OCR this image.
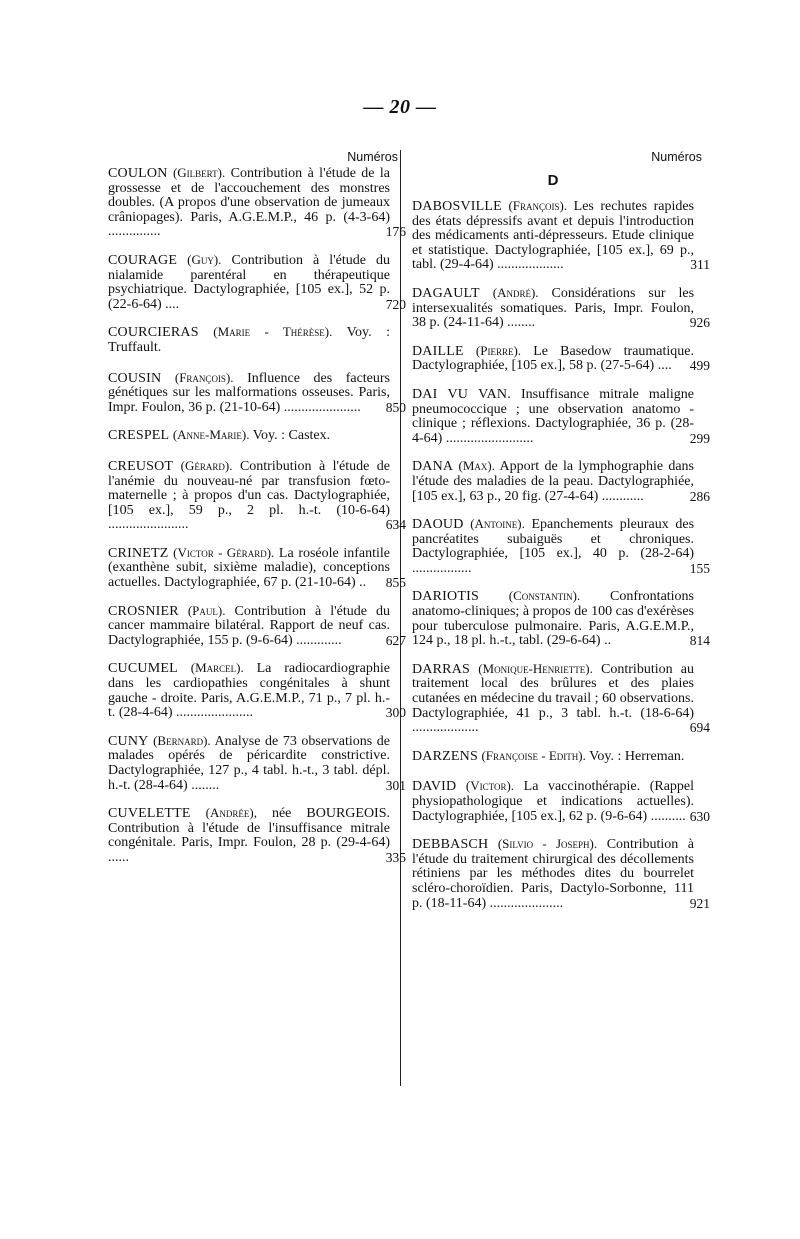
— 20 —
Numéros
COULON (Gilbert). Contribution à l'étude de la grossesse et de l'accouchement des monstres doubles. (A propos d'une observation de jumeaux crâniopages). Paris, A.G.E.M.P., 46 p. (4-3-64) ...............	176
COURAGE (Guy). Contribution à l'étude du nialamide parentéral en thérapeutique psychiatrique. Dactylographiée, [105 ex.], 52 p. (22-6-64) ....	720
COURCIERAS (Marie - Thérèse). Voy. : Truffault.
COUSIN (François). Influence des facteurs génétiques sur les malformations osseuses. Paris, Impr. Foulon, 36 p. (21-10-64) ......................	850
CRESPEL (Anne-Marie). Voy. : Castex.
CREUSOT (Gérard). Contribution à l'étude de l'anémie du nouveau-né par transfusion fœto-maternelle ; à propos d'un cas. Dactylographiée, [105 ex.], 59 p., 2 pl. h.-t. (10-6-64) .......................	634
CRINETZ (Victor - Gérard). La roséole infantile (exanthène subit, sixième maladie), conceptions actuelles. Dactylographiée, 67 p. (21-10-64) ..	855
CROSNIER (Paul). Contribution à l'étude du cancer mammaire bilatéral. Rapport de neuf cas. Dactylographiée, 155 p. (9-6-64) .............	627
CUCUMEL (Marcel). La radiocardiographie dans les cardiopathies congénitales à shunt gauche - droite. Paris, A.G.E.M.P., 71 p., 7 pl. h.-t. (28-4-64) ......................	300
CUNY (Bernard). Analyse de 73 observations de malades opérés de péricardite constrictive. Dactylographiée, 127 p., 4 tabl. h.-t., 3 tabl. dépl. h.-t. (28-4-64) ........	301
CUVELETTE (Andrée), née BOURGEOIS. Contribution à l'étude de l'insuffisance mitrale congénitale. Paris, Impr. Foulon, 28 p. (29-4-64) ......	335
Numéros
D
DABOSVILLE (François). Les rechutes rapides des états dépressifs avant et depuis l'introduction des médicaments anti-dépresseurs. Etude clinique et statistique. Dactylographiée, [105 ex.], 69 p., tabl. (29-4-64) ...................	311
DAGAULT (André). Considérations sur les intersexualités somatiques. Paris, Impr. Foulon, 38 p. (24-11-64) ........	926
DAILLE (Pierre). Le Basedow traumatique. Dactylographiée, [105 ex.], 58 p. (27-5-64) ....	499
DAI VU VAN. Insuffisance mitrale maligne pneumococcique ; une observation anatomo - clinique ; réflexions. Dactylographiée, 36 p. (28-4-64) .........................	299
DANA (Max). Apport de la lymphographie dans l'étude des maladies de la peau. Dactylographiée, [105 ex.], 63 p., 20 fig. (27-4-64) ............	286
DAOUD (Antoine). Epanchements pleuraux des pancréatites subaiguës et chroniques. Dactylographiée, [105 ex.], 40 p. (28-2-64) .................	155
DARIOTIS (Constantin). Confrontations anatomo-cliniques; à propos de 100 cas d'exérèses pour tuberculose pulmonaire. Paris, A.G.E.M.P., 124 p., 18 pl. h.-t., tabl. (29-6-64) ..	814
DARRAS (Monique-Henriette). Contribution au traitement local des brûlures et des plaies cutanées en médecine du travail ; 60 observations. Dactylographiée, 41 p., 3 tabl. h.-t. (18-6-64) ...................	694
DARZENS (Françoise - Edith). Voy. : Herreman.
DAVID (Victor). La vaccinothérapie. (Rappel physiopathologique et indications actuelles). Dactylographiée, [105 ex.], 62 p. (9-6-64) .......... 630
DEBBASCH (Silvio - Joseph). Contribution à l'étude du traitement chirurgical des décollements rétiniens par les méthodes dites du bourrelet scléro-choroïdien. Paris, Dactylo-Sorbonne, 111 p. (18-11-64) .....................	921
